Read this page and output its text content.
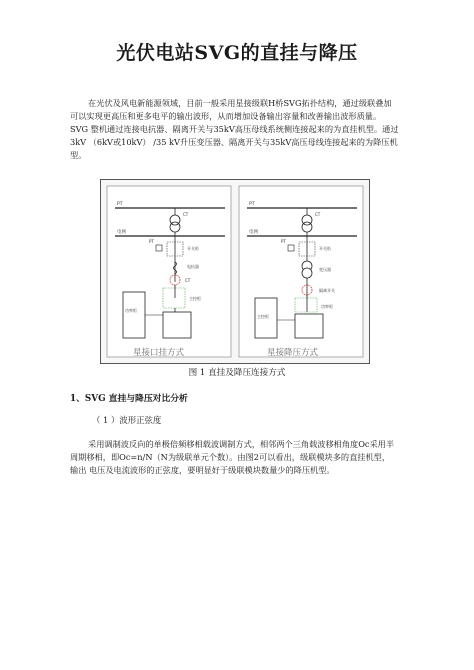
光伏电站SVG的直挂与降压
在光伏及风电新能源领域，目前一般采用星接级联H桥SVG拓扑结构，通过级联叠加
可以实现更高压和更多电平的输出波形，从而增加设备输出容量和改善输出波形质量。
SVG 整机通过连接电抗器、隔离开关与35kV高压母线系统侧连接起来的为直挂机型。通过
3kV （6kV或10kV） /35 kV升压变压器、隔离开关与35kV高压母线连接起来的为降压机
型。
PT
电网
CT
开关柜
PT
电抗器
CT
主控柜
功率柜
PT
电网
CT
开关柜
PT
变压器
隔离开关
功率柜
主控柜
星接口挂方式	星接降压方式
图 1 直挂及降压连接方式
1、SVG 直挂与降压对比分析
（ 1 ）波形正弦度
采用调制波反向的单极倍频移相载波调制方式，相邻两个三角载波移相角度Oc采用半
周期移相，即Oc=n/N（N为级联单元个数）。由图2可以看出，级联模块多的直挂机型，
输出 电压及电流波形的正弦度，要明显好于级联模块数量少的降压机型。
